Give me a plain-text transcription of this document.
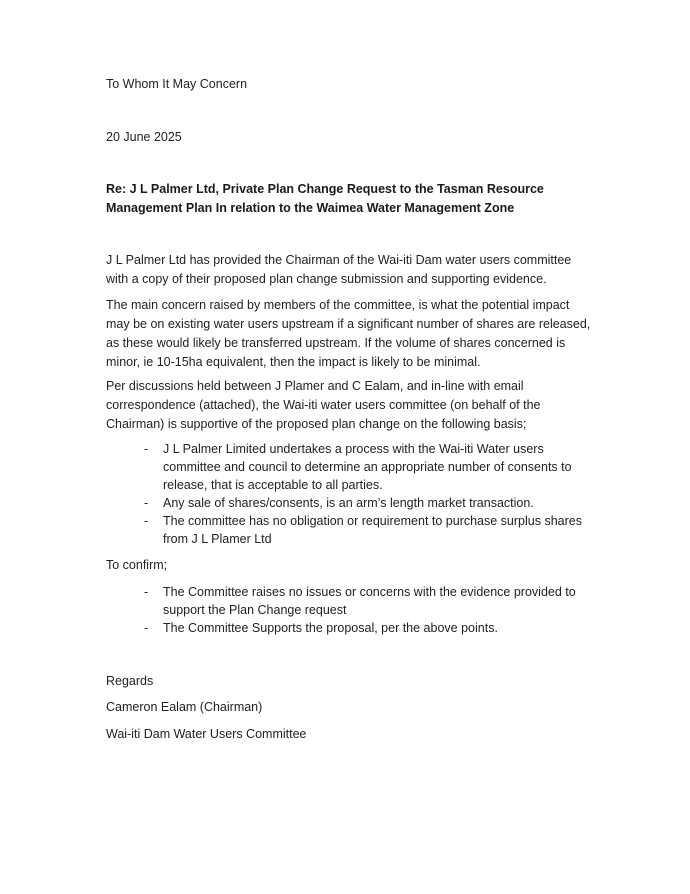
To Whom It May Concern
20 June 2025
Re: J L Palmer Ltd, Private Plan Change Request to the Tasman Resource
Management Plan In relation to the Waimea Water Management Zone
J L Palmer Ltd has provided the Chairman of the Wai-iti Dam water users committee
with a copy of their proposed plan change submission and supporting evidence.
The main concern raised by members of the committee, is what the potential impact
may be on existing water users upstream if a significant number of shares are released,
as these would likely be transferred upstream. If the volume of shares concerned is
minor, ie 10-15ha equivalent, then the impact is likely to be minimal.
Per discussions held between J Plamer and C Ealam, and in-line with email
correspondence (attached), the Wai-iti water users committee (on behalf of the
Chairman) is supportive of the proposed plan change on the following basis;
- J L Palmer Limited undertakes a process with the Wai-iti Water users
committee and council to determine an appropriate number of consents to
release, that is acceptable to all parties.
- Any sale of shares/consents, is an arm’s length market transaction.
- The committee has no obligation or requirement to purchase surplus shares
from J L Plamer Ltd
To confirm;
- The Committee raises no issues or concerns with the evidence provided to
support the Plan Change request
- The Committee Supports the proposal, per the above points.
Regards
Cameron Ealam (Chairman)
Wai-iti Dam Water Users Committee
